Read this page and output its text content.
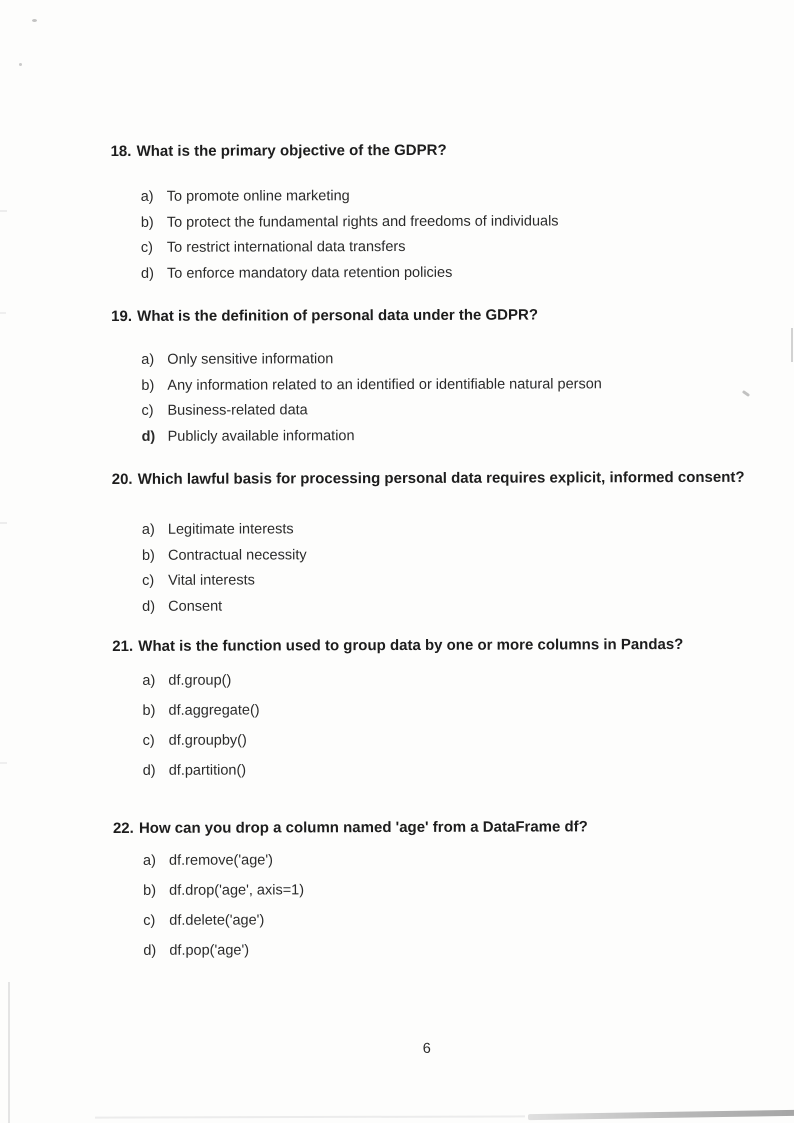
18. What is the primary objective of the GDPR?
a) To promote online marketing
b) To protect the fundamental rights and freedoms of individuals
c) To restrict international data transfers
d) To enforce mandatory data retention policies
19. What is the definition of personal data under the GDPR?
a) Only sensitive information
b) Any information related to an identified or identifiable natural person
c) Business-related data
d) Publicly available information
20. Which lawful basis for processing personal data requires explicit, informed consent?
a) Legitimate interests
b) Contractual necessity
c) Vital interests
d) Consent
21. What is the function used to group data by one or more columns in Pandas?
a) df.group()
b) df.aggregate()
c) df.groupby()
d) df.partition()
22. How can you drop a column named 'age' from a DataFrame df?
a) df.remove('age')
b) df.drop('age', axis=1)
c) df.delete('age')
d) df.pop('age')
6
